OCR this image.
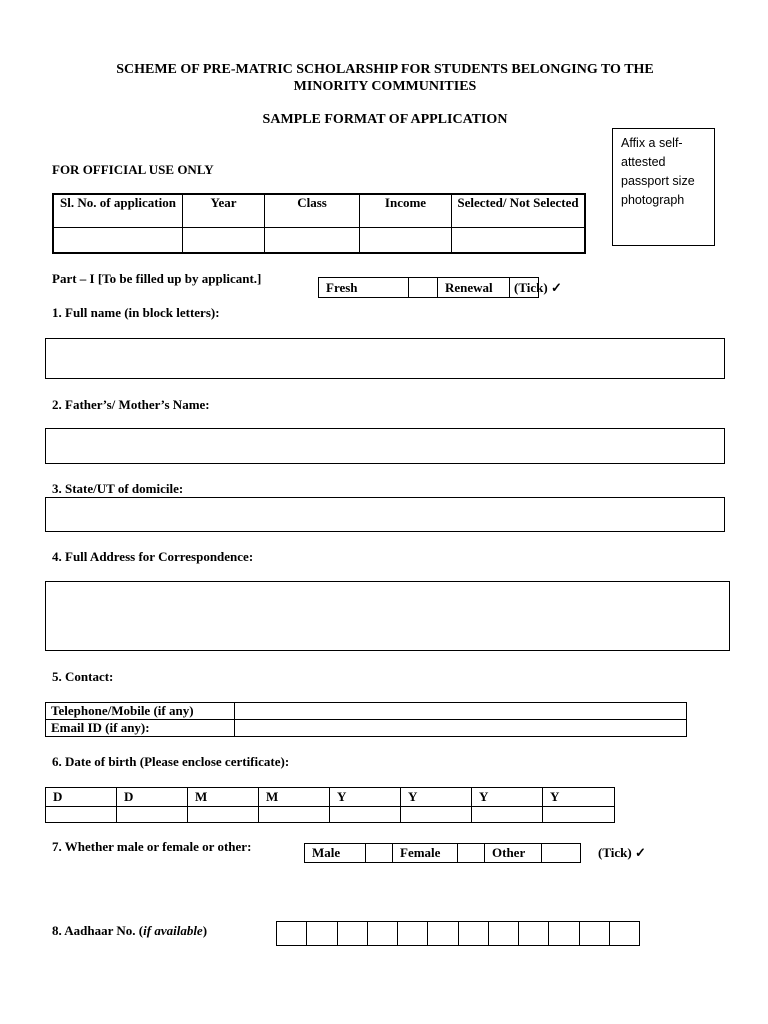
SCHEME OF PRE-MATRIC SCHOLARSHIP FOR STUDENTS BELONGING TO THE
MINORITY COMMUNITIES
SAMPLE FORMAT OF APPLICATION
Affix a self-attested passport size photograph
FOR OFFICIAL USE ONLY
Sl. No. of application	Year	Class	Income	Selected/ Not Selected

Part – I [To be filled up by applicant.]
Fresh		Renewal	(Tick) ✓
1. Full name (in block letters):
2. Father’s/ Mother’s Name:
3. State/UT of domicile:
4. Full Address for Correspondence:
5. Contact:
Telephone/Mobile (if any)	
Email ID (if any):	
6. Date of birth (Please enclose certificate):
D	D	M	M	Y	Y	Y	Y

7. Whether male or female or other:	Male		Female		Other		(Tick) ✓
8. Aadhaar No. (if available)
